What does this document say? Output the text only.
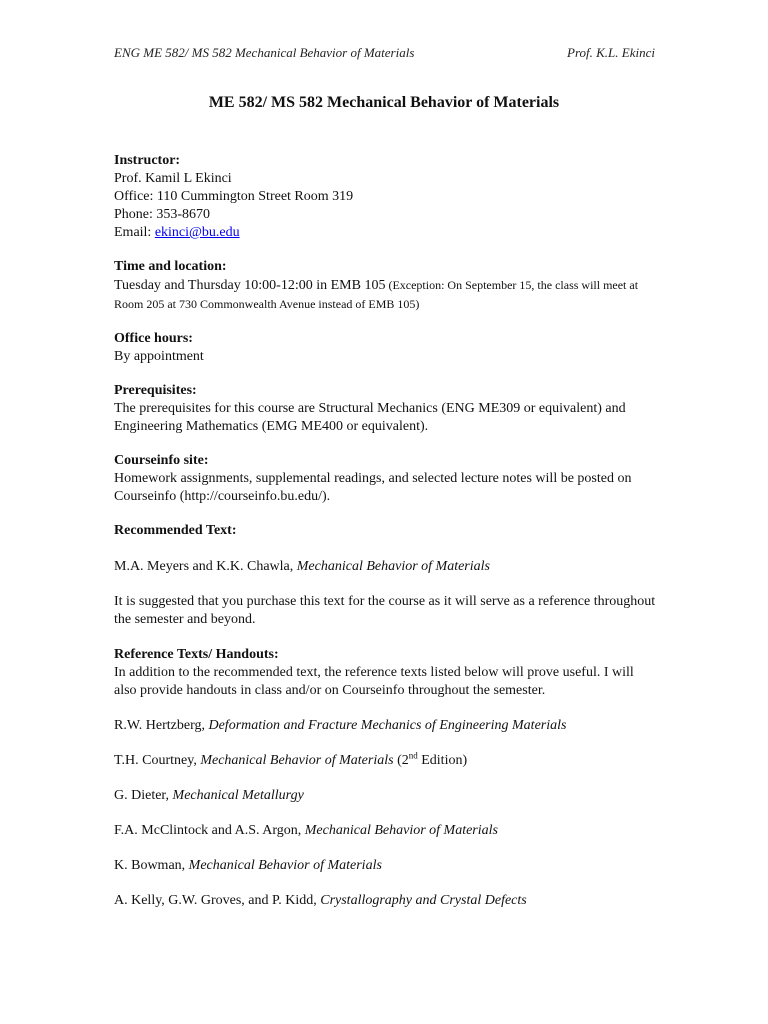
ENG ME 582/ MS 582 Mechanical Behavior of Materials	Prof. K.L. Ekinci
ME 582/ MS 582 Mechanical Behavior of Materials
Instructor:
Prof. Kamil L Ekinci
Office: 110 Cummington Street Room 319
Phone: 353-8670
Email: ekinci@bu.edu
Time and location:
Tuesday and Thursday 10:00-12:00 in EMB 105 (Exception: On September 15, the class will meet at Room 205 at 730 Commonwealth Avenue instead of EMB 105)
Office hours:
By appointment
Prerequisites:
The prerequisites for this course are Structural Mechanics (ENG ME309 or equivalent) and Engineering Mathematics (EMG ME400 or equivalent).
Courseinfo site:
Homework assignments, supplemental readings, and selected lecture notes will be posted on Courseinfo (http://courseinfo.bu.edu/).
Recommended Text:

M.A. Meyers and K.K. Chawla, Mechanical Behavior of Materials

It is suggested that you purchase this text for the course as it will serve as a reference throughout the semester and beyond.
Reference Texts/ Handouts:

In addition to the recommended text, the reference texts listed below will prove useful. I will also provide handouts in class and/or on Courseinfo throughout the semester.

R.W. Hertzberg, Deformation and Fracture Mechanics of Engineering Materials
T.H. Courtney, Mechanical Behavior of Materials (2nd Edition)
G. Dieter, Mechanical Metallurgy
F.A. McClintock and A.S. Argon, Mechanical Behavior of Materials
K. Bowman, Mechanical Behavior of Materials
A. Kelly, G.W. Groves, and P. Kidd, Crystallography and Crystal Defects
